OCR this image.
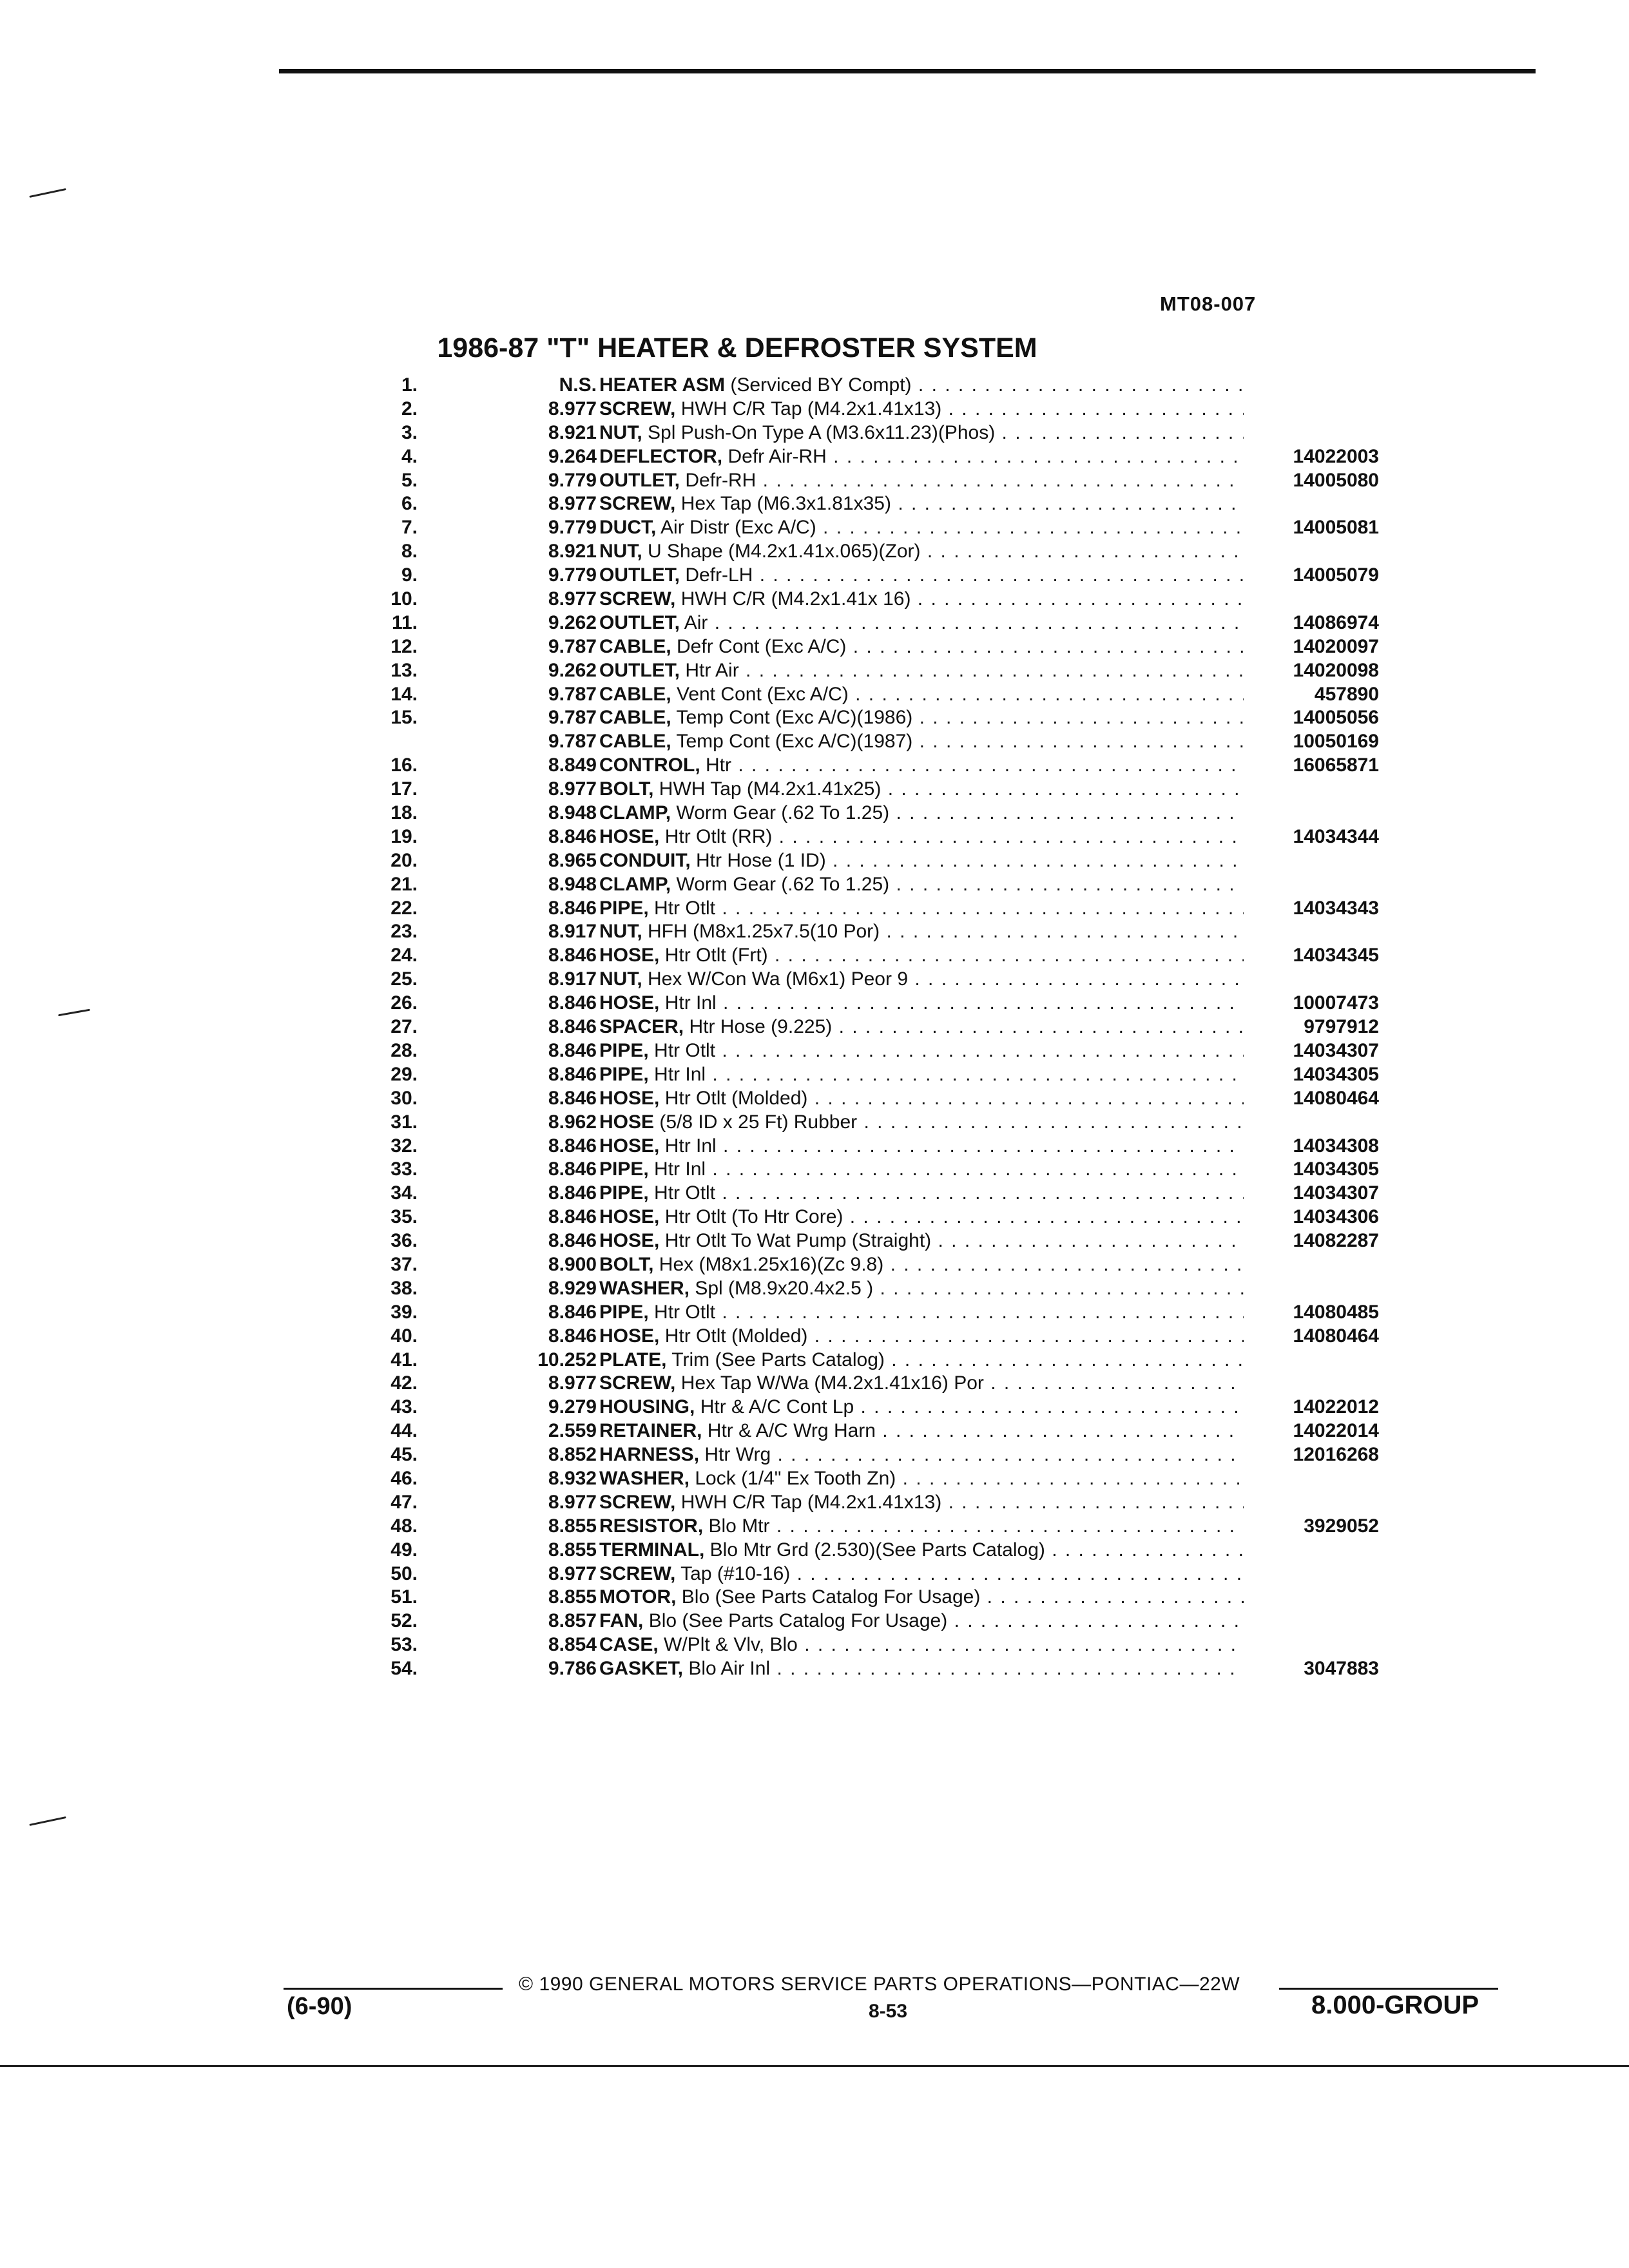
MT08-007
1986-87 "T" HEATER & DEFROSTER SYSTEM
1.	N.S. HEATER ASM (Serviced BY Compt) . . .
2.	8.977 SCREW, HWH C/R Tap (M4.2x1.41x13) . . .
3.	8.921 NUT, Spl Push-On Type A (M3.6x11.23)(Phos) . . .
4.	9.264 DEFLECTOR, Defr Air-RH . . .	14022003
5.	9.779 OUTLET, Defr-RH . . .	14005080
6.	8.977 SCREW, Hex Tap (M6.3x1.81x35) . . .
7.	9.779 DUCT, Air Distr (Exc A/C) . . .	14005081
8.	8.921 NUT, U Shape (M4.2x1.41x.065)(Zor) . . .
9.	9.779 OUTLET, Defr-LH . . .	14005079
10.	8.977 SCREW, HWH C/R (M4.2x1.41x 16) . . .
11.	9.262 OUTLET, Air . . .	14086974
12.	9.787 CABLE, Defr Cont (Exc A/C) . . .	14020097
13.	9.262 OUTLET, Htr Air . . .	14020098
14.	9.787 CABLE, Vent Cont (Exc A/C) . . .	457890
15.	9.787 CABLE, Temp Cont (Exc A/C)(1986) . . .	14005056
9.787 CABLE, Temp Cont (Exc A/C)(1987) . . .	10050169
16.	8.849 CONTROL, Htr . . .	16065871
17.	8.977 BOLT, HWH Tap (M4.2x1.41x25) . . .
18.	8.948 CLAMP, Worm Gear (.62 To 1.25) . . .
19.	8.846 HOSE, Htr Otlt (RR) . . .	14034344
20.	8.965 CONDUIT, Htr Hose (1 ID) . . .
21.	8.948 CLAMP, Worm Gear (.62 To 1.25) . . .
22.	8.846 PIPE, Htr Otlt . . .	14034343
23.	8.917 NUT, HFH (M8x1.25x7.5(10 Por) . . .
24.	8.846 HOSE, Htr Otlt (Frt) . . .	14034345
25.	8.917 NUT, Hex W/Con Wa (M6x1) Peor 9 . . .
26.	8.846 HOSE, Htr Inl . . .	10007473
27.	8.846 SPACER, Htr Hose (9.225) . . .	9797912
28.	8.846 PIPE, Htr Otlt . . .	14034307
29.	8.846 PIPE, Htr Inl . . .	14034305
30.	8.846 HOSE, Htr Otlt (Molded) . . .	14080464
31.	8.962 HOSE (5/8 ID x 25 Ft) Rubber . . .
32.	8.846 HOSE, Htr Inl . . .	14034308
33.	8.846 PIPE, Htr Inl . . .	14034305
34.	8.846 PIPE, Htr Otlt . . .	14034307
35.	8.846 HOSE, Htr Otlt (To Htr Core) . . .	14034306
36.	8.846 HOSE, Htr Otlt To Wat Pump (Straight) . . .	14082287
37.	8.900 BOLT, Hex (M8x1.25x16)(Zc 9.8) . . .
38.	8.929 WASHER, Spl (M8.9x20.4x2.5 ) . . .
39.	8.846 PIPE, Htr Otlt . . .	14080485
40.	8.846 HOSE, Htr Otlt (Molded) . . .	14080464
41.	10.252 PLATE, Trim (See Parts Catalog) . . .
42.	8.977 SCREW, Hex Tap W/Wa (M4.2x1.41x16) Por . . .
43.	9.279 HOUSING, Htr & A/C Cont Lp . . .	14022012
44.	2.559 RETAINER, Htr & A/C Wrg Harn . . .	14022014
45.	8.852 HARNESS, Htr Wrg . . .	12016268
46.	8.932 WASHER, Lock (1/4" Ex Tooth Zn) . . .
47.	8.977 SCREW, HWH C/R Tap (M4.2x1.41x13) . . .
48.	8.855 RESISTOR, Blo Mtr . . .	3929052
49.	8.855 TERMINAL, Blo Mtr Grd (2.530)(See Parts Catalog) . . .
50.	8.977 SCREW, Tap (#10-16) . . .
51.	8.855 MOTOR, Blo (See Parts Catalog For Usage) . . .
52.	8.857 FAN, Blo (See Parts Catalog For Usage) . . .
53.	8.854 CASE, W/Plt & Vlv, Blo . . .
54.	9.786 GASKET, Blo Air Inl . . .	3047883
© 1990 GENERAL MOTORS SERVICE PARTS OPERATIONS—PONTIAC—22W
(6-90)	8-53	8.000-GROUP
